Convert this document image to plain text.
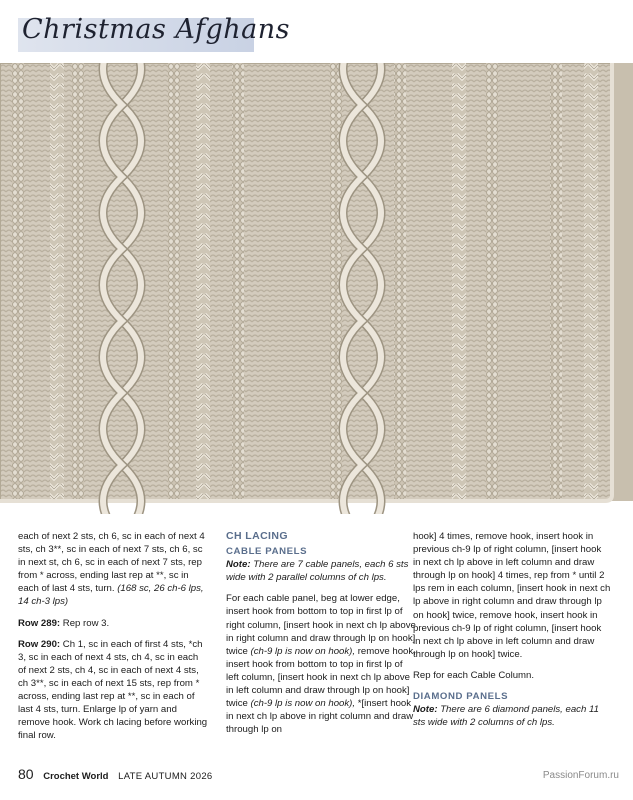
Christmas Afghans

each of next 2 sts, ch 6, sc in each of next 4 sts, ch 3**, sc in each of next 7 sts, ch 6, sc in next st, ch 6, sc in each of next 7 sts, rep from * across, ending last rep at **, sc in each of last 4 sts, turn. (168 sc, 26 ch-6 lps, 14 ch-3 lps)

Row 289: Rep row 3.

Row 290: Ch 1, sc in each of first 4 sts, *ch 3, sc in each of next 4 sts, ch 4, sc in each of next 2 sts, ch 4, sc in each of next 4 sts, ch 3**, sc in each of next 15 sts, rep from * across, ending last rep at **, sc in each of last 4 sts, turn. Enlarge lp of yarn and remove hook. Work ch lacing before working final row.

CH LACING
CABLE PANELS

Note: There are 7 cable panels, each 6 sts wide with 2 parallel columns of ch lps.

For each cable panel, beg at lower edge, insert hook from bottom to top in first lp of right column, [insert hook in next ch lp above in right column and draw through lp on hook] twice (ch-9 lp is now on hook), remove hook, insert hook from bottom to top in first lp of left column, [insert hook in next ch lp above in left column and draw through lp on hook] twice (ch-9 lp is now on hook), *[insert hook in next ch lp above in right column and draw through lp on

hook] 4 times, remove hook, insert hook in previous ch-9 lp of right column, [insert hook in next ch lp above in left column and draw through lp on hook] 4 times, rep from * until 2 lps rem in each column, [insert hook in next ch lp above in right column and draw through lp on hook] twice, remove hook, insert hook in previous ch-9 lp of right column, [insert hook in next ch lp above in left column and draw through lp on hook] twice.

Rep for each Cable Column.

DIAMOND PANELS

Note: There are 6 diamond panels, each 11 sts wide with 2 columns of ch lps.

80 Crochet World LATE AUTUMN 2026	PassionForum.ru
